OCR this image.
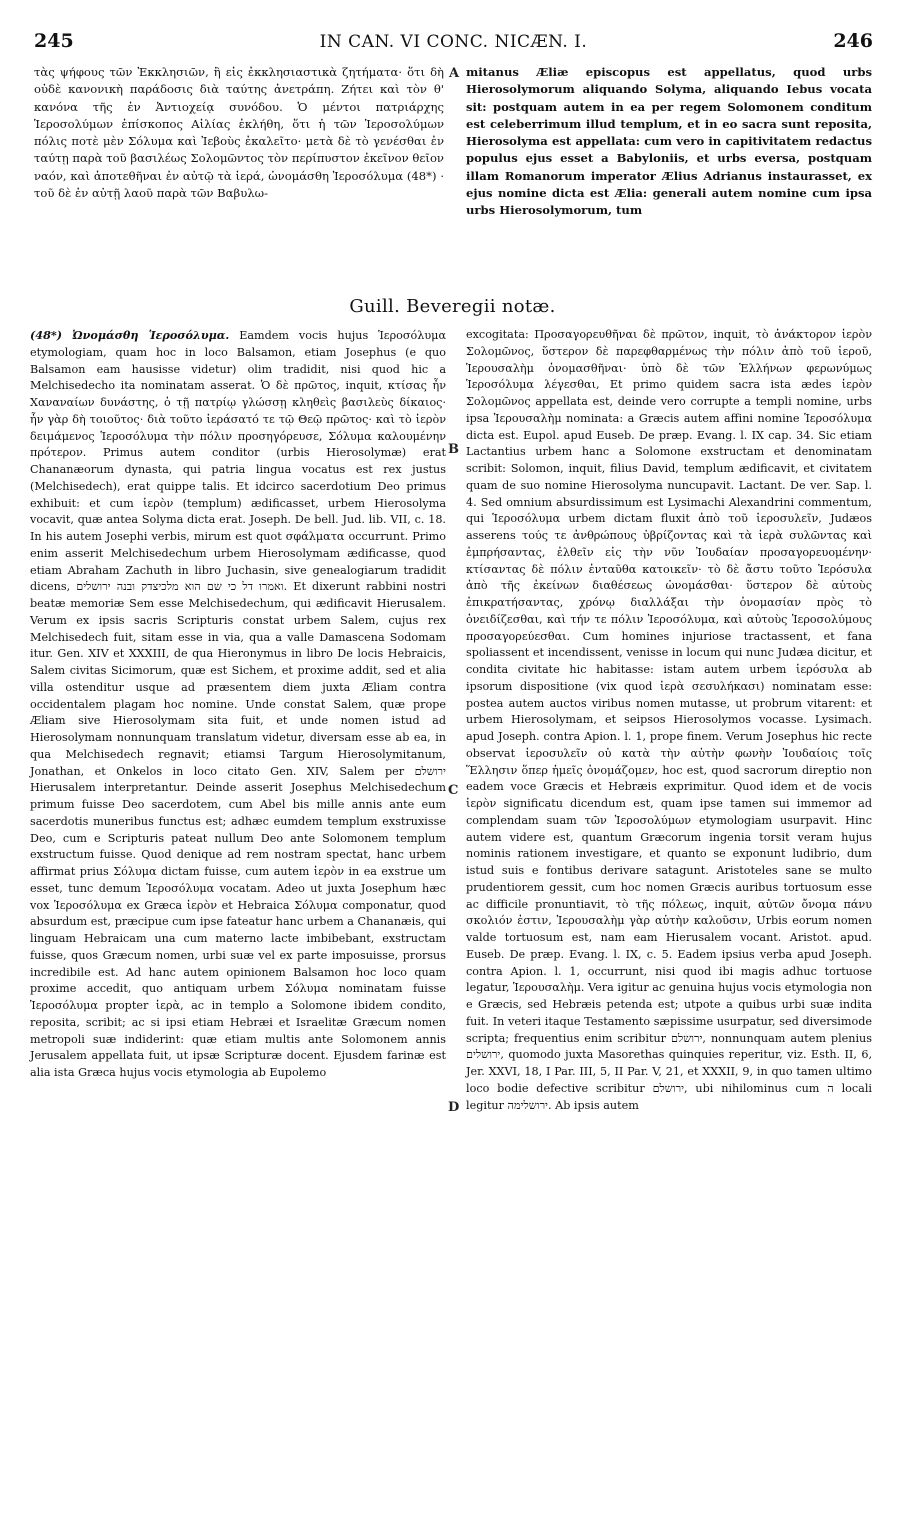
245	IN CAN. VI CONC. NICÆN. I.	246

τὰς ψήφους τῶν Ἐκκλησιῶν, ἢ εἰς ἐκκλησιαστικὰ ζητήματα· ὅτι δὴ οὐδὲ κανονικὴ παράδοσις διὰ ταύτης ἀνετράπη. Ζήτει καὶ τὸν θ' κανόνα τῆς ἐν Ἀντιοχείᾳ συνόδου. Ὁ μέντοι πατριάρχης Ἱεροσολύμων ἐπίσκοπος Αἰλίας ἐκλήθη, ὅτι ἡ τῶν Ἱεροσολύμων πόλις ποτὲ μὲν Σόλυμα καὶ Ἰεβοὺς ἐκαλεῖτο· μετὰ δὲ τὸ γενέσθαι ἐν ταύτῃ παρὰ τοῦ βασιλέως Σολομῶντος τὸν περίπυστον ἐκεῖνον θεῖον ναόν, καὶ ἀποτεθῆναι ἐν αὐτῷ τὰ ἱερά, ὠνομάσθη Ἱεροσόλυμα (48*) · τοῦ δὲ ἐν αὐτῇ λαοῦ παρὰ τῶν Βαβυλω-

A mitanus Æliæ episcopus est appellatus, quod urbs Hierosolymorum aliquando Solyma, aliquando Iebus vocata sit: postquam autem in ea per regem Solomonem conditum est celeberrimum illud templum, et in eo sacra sunt reposita, Hierosolyma est appellata: cum vero in capitivitatem redactus populus ejus esset a Babyloniis, et urbs eversa, postquam illam Romanorum imperator Ælius Adrianus instaurasset, ex ejus nomine dicta est Ælia: generali autem nomine cum ipsa urbs Hierosolymorum, tum

Guill. Beveregii notæ.

(48*) Ὠνομάσθη Ἱεροσόλυμα. Eamdem vocis hujus Ἱεροσόλυμα etymologiam, quam hoc in loco Balsamon, etiam Josephus (e quo Balsamon eam hausisse videtur) olim tradidit, nisi quod hic a Melchisedecho ita nominatam asserat. Ὁ δὲ πρῶτος, inquit, κτίσας ἦν Χαναναίων δυνάστης, ὁ τῇ πατρίῳ γλώσσῃ κληθεὶς βασιλεὺς δίκαιος· ἦν γὰρ δὴ τοιοῦτος· διὰ τοῦτο ἱεράσατό τε τῷ Θεῷ πρῶτος· καὶ τὸ ἱερὸν δειμάμενος Ἱεροσόλυμα τὴν πόλιν προσηγόρευσε, Σόλυμα καλουμένην πρότερον. Primus autem conditor (urbis Hierosolymæ) erat Chananæorum dynasta, qui patria lingua vocatus est rex justus (Melchisedech), erat quippe talis. Et idcirco sacerdotium Deo primus exhibuit: et cum ἱερὸν (templum) ædificasset, urbem Hierosolyma vocavit, quæ antea Solyma dicta erat. Joseph. De bell. Jud. lib. VII, c. 18. In his autem Josephi verbis, mirum est quot σφάλματα occurrunt. Primo enim asserit Melchisedechum urbem Hierosolymam ædificasse, quod etiam Abraham Zachuth in libro Juchasin, sive genealogiarum tradidit dicens, ואמרו דל כי שם הוא מלכיצדק ובנה ירושלים. Et dixerunt rabbini nostri beatæ memoriæ Sem esse Melchisedechum, qui ædificavit Hierusalem. Verum ex ipsis sacris Scripturis constat urbem Salem, cujus rex Melchisedech fuit, sitam esse in via, qua a valle Damascena Sodomam itur. Gen. XIV et XXXIII, de qua Hieronymus in libro De locis Hebraicis, Salem civitas Sicimorum, quæ est Sichem, et proxime addit, sed et alia villa ostenditur usque ad præsentem diem juxta Æliam contra occidentalem plagam hoc nomine. Unde constat Salem, quæ prope Æliam sive Hierosolymam sita fuit, et unde nomen istud ad Hierosolymam nonnunquam translatum videtur, diversam esse ab ea, in qua Melchisedech regnavit; etiamsi Targum Hierosolymitanum, Jonathan, et Onkelos in loco citato Gen. XIV, Salem per ירושלם Hierusalem interpretantur. Deinde asserit Josephus Melchisedechum primum fuisse Deo sacerdotem, cum Abel bis mille annis ante eum sacerdotis muneribus functus est; adhæc eumdem templum exstruxisse Deo, cum e Scripturis pateat nullum Deo ante Solomonem templum exstructum fuisse. Quod denique ad rem nostram spectat, hanc urbem affirmat prius Σόλυμα dictam fuisse, cum autem ἱερὸν in ea exstrue um esset, tunc demum Ἱεροσόλυμα vocatam. Adeo ut juxta Josephum hæc vox Ἱεροσόλυμα ex Græca ἱερὸν et Hebraica Σόλυμα componatur, quod absurdum est, præcipue cum ipse fateatur hanc urbem a Chananæis, qui linguam Hebraicam una cum materno lacte imbibebant, exstructam fuisse, quos Græcum nomen, urbi suæ vel ex parte imposuisse, prorsus incredibile est. Ad hanc autem opinionem Balsamon hoc loco quam proxime accedit, quo antiquam urbem Σόλυμα nominatam fuisse Ἱεροσόλυμα propter ἱερὰ, ac in templo a Solomone ibidem condito, reposita, scribit; ac si ipsi etiam Hebræi et Israelitæ Græcum nomen metropoli suæ indiderint: quæ etiam multis ante Solomonem annis Jerusalem appellata fuit, ut ipsæ Scripturæ docent. Ejusdem farinæ est alia ista Græca hujus vocis etymologia ab Eupolemo

B
C
D

excogitata: Προσαγορευθῆναι δὲ πρῶτον, inquit, τὸ ἀνάκτορον ἱερὸν Σολομῶνος, ὕστερον δὲ παρεφθαρμένως τὴν πόλιν ἀπὸ τοῦ ἱεροῦ, Ἱερουσαλὴμ ὀνομασθῆναι· ὑπὸ δὲ τῶν Ἑλλήνων φερωνύμως Ἱεροσόλυμα λέγεσθαι, Et primo quidem sacra ista ædes ἱερὸν Σολομῶνος appellata est, deinde vero corrupte a templi nomine, urbs ipsa Ἱερουσαλὴμ nominata: a Græcis autem affini nomine Ἱεροσόλυμα dicta est. Eupol. apud Euseb. De præp. Evang. l. IX cap. 34. Sic etiam Lactantius urbem hanc a Solomone exstructam et denominatam scribit: Solomon, inquit, filius David, templum ædificavit, et civitatem quam de suo nomine Hierosolyma nuncupavit. Lactant. De ver. Sap. l. 4. Sed omnium absurdissimum est Lysimachi Alexandrini commentum, qui Ἱεροσόλυμα urbem dictam fluxit ἀπὸ τοῦ ἱεροσυλεῖν, Judæos asserens τούς τε ἀνθρώπους ὑβρίζοντας καὶ τὰ ἱερὰ συλῶντας καὶ ἐμπρήσαντας, ἐλθεῖν εἰς τὴν νῦν Ἰουδαίαν προσαγορευομένην· κτίσαντας δὲ πόλιν ἐνταῦθα κατοικεῖν· τὸ δὲ ἄστυ τοῦτο Ἱερόσυλα ἀπὸ τῆς ἐκείνων διαθέσεως ὠνομάσθαι· ὕστερον δὲ αὐτοὺς ἐπικρατήσαντας, χρόνῳ διαλλάξαι τὴν ὀνομασίαν πρὸς τὸ ὀνειδίζεσθαι, καὶ τήν τε πόλιν Ἱεροσόλυμα, καὶ αὐτοὺς Ἱεροσολύμους προσαγορεύεσθαι. Cum homines injuriose tractassent, et fana spoliassent et incendissent, venisse in locum qui nunc Judæa dicitur, et condita civitate hic habitasse: istam autem urbem ἱερόσυλα ab ipsorum dispositione (vix quod ἱερὰ σεσυλήκασι) nominatam esse: postea autem auctos viribus nomen mutasse, ut probrum vitarent: et urbem Hierosolymam, et seipsos Hierosolymos vocasse. Lysimach. apud Joseph. contra Apion. l. 1, prope finem. Verum Josephus hic recte observat ἱεροσυλεῖν οὐ κατὰ τὴν αὐτὴν φωνὴν Ἰουδαίοις τοῖς Ἕλλησιν ὅπερ ἡμεῖς ὀνομάζομεν, hoc est, quod sacrorum direptio non eadem voce Græcis et Hebræis exprimitur. Quod idem et de vocis ἱερὸν significatu dicendum est, quam ipse tamen sui immemor ad complendam suam τῶν Ἱεροσολύμων etymologiam usurpavit. Hinc autem videre est, quantum Græcorum ingenia torsit veram hujus nominis rationem investigare, et quanto se exponunt ludibrio, dum istud suis e fontibus derivare satagunt. Aristoteles sane se multo prudentiorem gessit, cum hoc nomen Græcis auribus tortuosum esse ac difficile pronuntiavit, τὸ τῆς πόλεως, inquit, αὐτῶν ὄνομα πάνυ σκολιόν ἐστιν, Ἱερουσαλὴμ γὰρ αὐτὴν καλοῦσιν, Urbis eorum nomen valde tortuosum est, nam eam Hierusalem vocant. Aristot. apud. Euseb. De præp. Evang. l. IX, c. 5. Eadem ipsius verba apud Joseph. contra Apion. l. 1, occurrunt, nisi quod ibi magis adhuc tortuose legatur, Ἱερουσαλὴμ. Vera igitur ac genuina hujus vocis etymologia non e Græcis, sed Hebræis petenda est; utpote a quibus urbi suæ indita fuit. In veteri itaque Testamento sæpissime usurpatur, sed diversimode scripta; frequentius enim scribitur ירושלם, nonnunquam autem plenius ירושלים, quomodo juxta Masorethas quinquies reperitur, viz. Esth. II, 6, Jer. XXVI, 18, I Par. III, 5, II Par. V, 21, et XXXII, 9, in quo tamen ultimo loco bodie defective scribitur ירושלם, ubi nihilominus cum ה locali legitur ירושלימה. Ab ipsis autem
